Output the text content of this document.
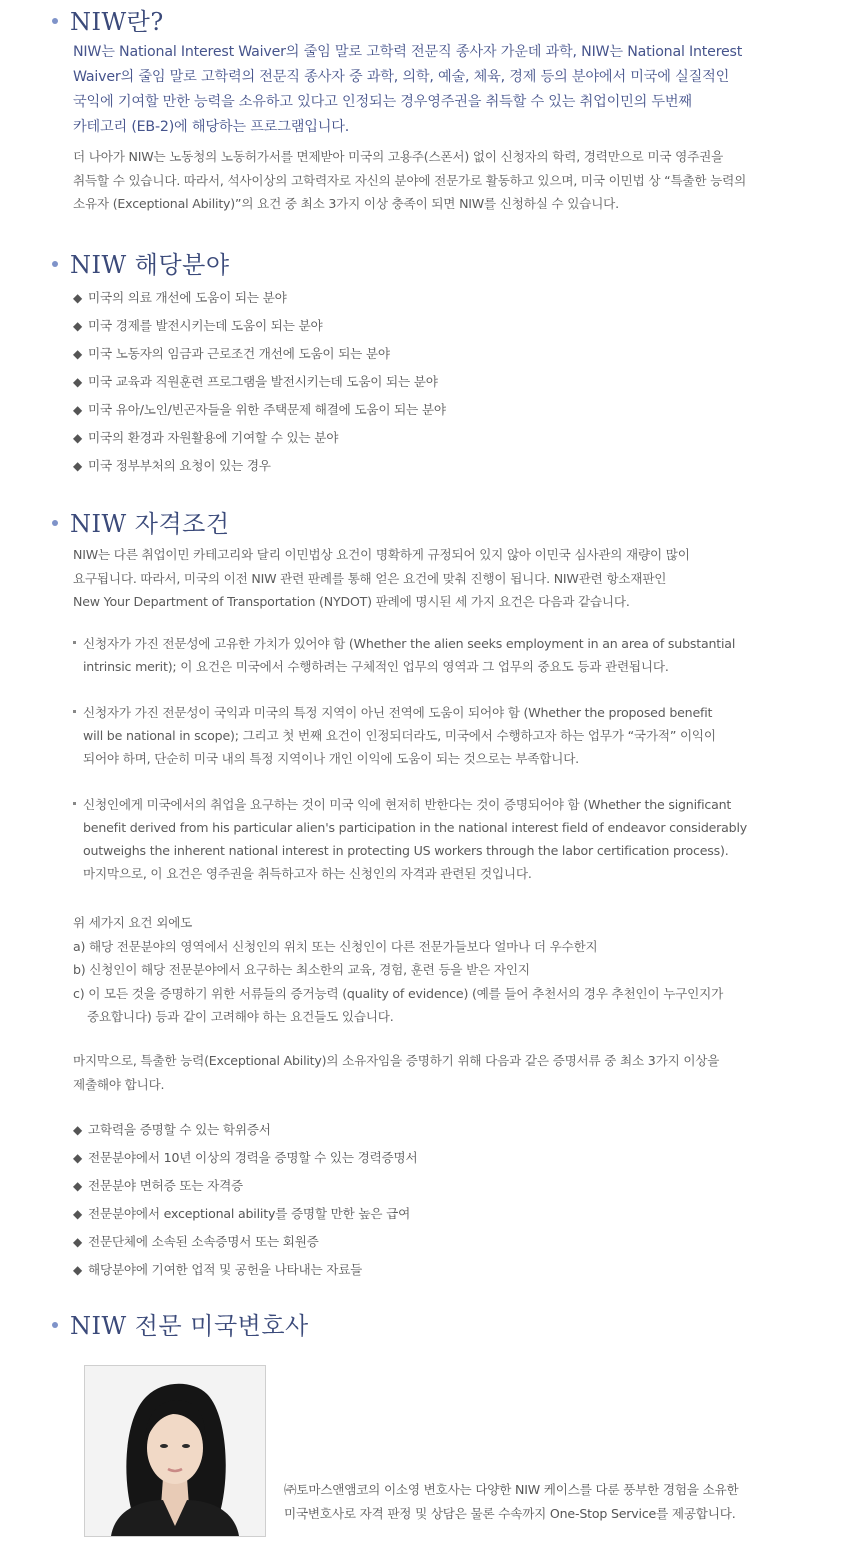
NIW란?

NIW는 National Interest Waiver의 줄임 말로 고학력 전문직 종사자 가운데 과학, NIW는 National Interest
Waiver의 줄임 말로 고학력의 전문직 종사자 중 과학, 의학, 예술, 체육, 경제 등의 분야에서 미국에 실질적인
국익에 기여할 만한 능력을 소유하고 있다고 인정되는 경우영주권을 취득할 수 있는 취업이민의 두번째
카테고리 (EB-2)에 해당하는 프로그램입니다.

더 나아가 NIW는 노동청의 노동허가서를 면제받아 미국의 고용주(스폰서) 없이 신청자의 학력, 경력만으로 미국 영주권을
취득할 수 있습니다. 따라서, 석사이상의 고학력자로 자신의 분야에 전문가로 활동하고 있으며, 미국 이민법 상 “특출한 능력의
소유자 (Exceptional Ability)”의 요건 중 최소 3가지 이상 충족이 되면 NIW를 신청하실 수 있습니다.

NIW 해당분야
◆ 미국의 의료 개선에 도움이 되는 분야
◆ 미국 경제를 발전시키는데 도움이 되는 분야
◆ 미국 노동자의 임금과 근로조건 개선에 도움이 되는 분야
◆ 미국 교육과 직원훈련 프로그램을 발전시키는데 도움이 되는 분야
◆ 미국 유아/노인/빈곤자들을 위한 주택문제 해결에 도움이 되는 분야
◆ 미국의 환경과 자원활용에 기여할 수 있는 분야
◆ 미국 정부부처의 요청이 있는 경우
NIW 자격조건

NIW는 다른 취업이민 카테고리와 달리 이민법상 요건이 명확하게 규정되어 있지 않아 이민국 심사관의 재량이 많이
요구됩니다. 따라서, 미국의 이전 NIW 관련 판례를 통해 얻은 요건에 맞춰 진행이 됩니다. NIW관련 항소재판인
New Your Department of Transportation (NYDOT) 판례에 명시된 세 가지 요건은 다음과 같습니다.

신청자가 가진 전문성에 고유한 가치가 있어야 함 (Whether the alien seeks employment in an area of substantial
intrinsic merit); 이 요건은 미국에서 수행하려는 구체적인 업무의 영역과 그 업무의 중요도 등과 관련됩니다.

신청자가 가진 전문성이 국익과 미국의 특정 지역이 아닌 전역에 도움이 되어야 함 (Whether the proposed benefit
will be national in scope); 그리고 첫 번째 요건이 인정되더라도, 미국에서 수행하고자 하는 업무가 “국가적” 이익이
되어야 하며, 단순히 미국 내의 특정 지역이나 개인 이익에 도움이 되는 것으로는 부족합니다.

신청인에게 미국에서의 취업을 요구하는 것이 미국 익에 현저히 반한다는 것이 증명되어야 함 (Whether the significant
benefit derived from his particular alien's participation in the national interest field of endeavor considerably
outweighs the inherent national interest in protecting US workers through the labor certification process).
마지막으로, 이 요건은 영주권을 취득하고자 하는 신청인의 자격과 관련된 것입니다.

위 세가지 요건 외에도
a) 해당 전문분야의 영역에서 신청인의 위치 또는 신청인이 다른 전문가들보다 얼마나 더 우수한지
b) 신청인이 해당 전문분야에서 요구하는 최소한의 교육, 경험, 훈련 등을 받은 자인지
c) 이 모든 것을 증명하기 위한 서류들의 증거능력 (quality of evidence) (예를 들어 추천서의 경우 추천인이 누구인지가
중요합니다) 등과 같이 고려해야 하는 요건들도 있습니다.

마지막으로, 특출한 능력(Exceptional Ability)의 소유자임을 증명하기 위해 다음과 같은 증명서류 중 최소 3가지 이상을
제출해야 합니다.

◆ 고학력을 증명할 수 있는 학위증서
◆ 전문분야에서 10년 이상의 경력을 증명할 수 있는 경력증명서
◆ 전문분야 면허증 또는 자격증
◆ 전문분야에서 exceptional ability를 증명할 만한 높은 급여
◆ 전문단체에 소속된 소속증명서 또는 회원증
◆ 해당분야에 기여한 업적 및 공헌을 나타내는 자료들
NIW 전문 미국변호사

㈜토마스앤앰코의 이소영 변호사는 다양한 NIW 케이스를 다룬 풍부한 경험을 소유한
미국변호사로 자격 판정 및 상담은 물론 수속까지 One-Stop Service를 제공합니다.
